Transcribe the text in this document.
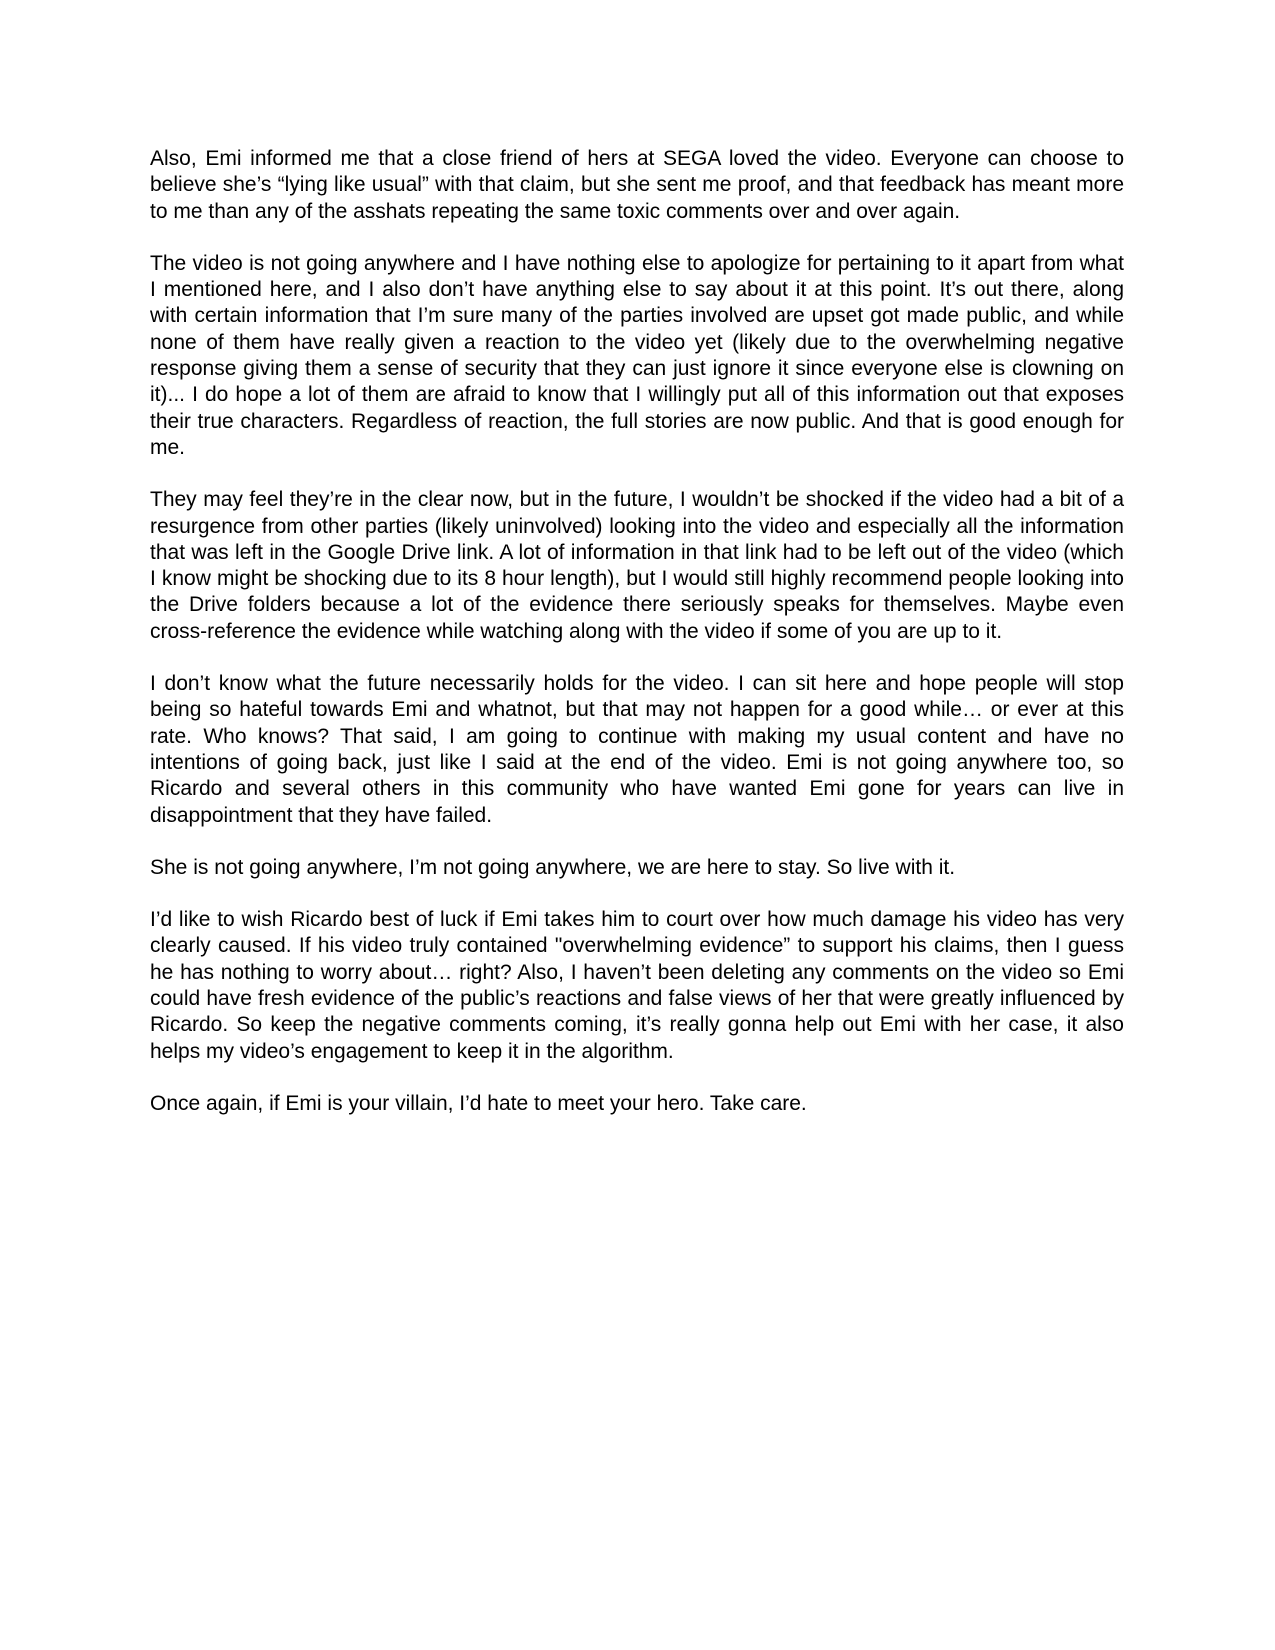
Also, Emi informed me that a close friend of hers at SEGA loved the video. Everyone can choose to believe she’s “lying like usual” with that claim, but she sent me proof, and that feedback has meant more to me than any of the asshats repeating the same toxic comments over and over again.

The video is not going anywhere and I have nothing else to apologize for pertaining to it apart from what I mentioned here, and I also don’t have anything else to say about it at this point. It’s out there, along with certain information that I’m sure many of the parties involved are upset got made public, and while none of them have really given a reaction to the video yet (likely due to the overwhelming negative response giving them a sense of security that they can just ignore it since everyone else is clowning on it)... I do hope a lot of them are afraid to know that I willingly put all of this information out that exposes their true characters. Regardless of reaction, the full stories are now public. And that is good enough for me.

They may feel they’re in the clear now, but in the future, I wouldn’t be shocked if the video had a bit of a resurgence from other parties (likely uninvolved) looking into the video and especially all the information that was left in the Google Drive link. A lot of information in that link had to be left out of the video (which I know might be shocking due to its 8 hour length), but I would still highly recommend people looking into the Drive folders because a lot of the evidence there seriously speaks for themselves. Maybe even cross-reference the evidence while watching along with the video if some of you are up to it.

I don’t know what the future necessarily holds for the video. I can sit here and hope people will stop being so hateful towards Emi and whatnot, but that may not happen for a good while… or ever at this rate. Who knows? That said, I am going to continue with making my usual content and have no intentions of going back, just like I said at the end of the video. Emi is not going anywhere too, so Ricardo and several others in this community who have wanted Emi gone for years can live in disappointment that they have failed.

She is not going anywhere, I’m not going anywhere, we are here to stay. So live with it.

I’d like to wish Ricardo best of luck if Emi takes him to court over how much damage his video has very clearly caused. If his video truly contained "overwhelming evidence” to support his claims, then I guess he has nothing to worry about… right? Also, I haven’t been deleting any comments on the video so Emi could have fresh evidence of the public’s reactions and false views of her that were greatly influenced by Ricardo. So keep the negative comments coming, it’s really gonna help out Emi with her case, it also helps my video’s engagement to keep it in the algorithm.

Once again, if Emi is your villain, I’d hate to meet your hero. Take care.
